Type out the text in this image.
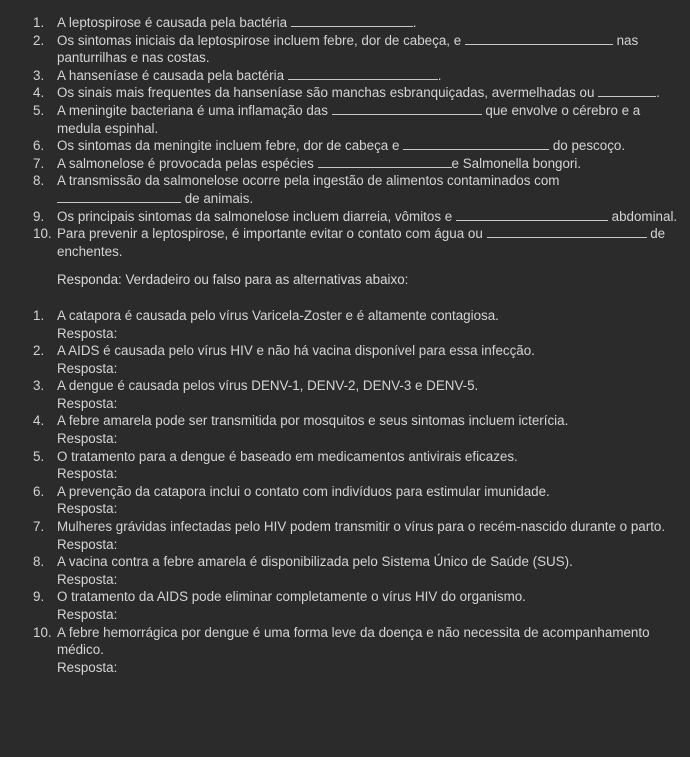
1. A leptospirose é causada pela bactéria	.
2. Os sintomas iniciais da leptospirose incluem febre, dor de cabeça, e	nas panturrilhas e nas costas.
3. A hanseníase é causada pela bactéria	.
4. Os sinais mais frequentes da hanseníase são manchas esbranquiçadas, avermelhadas ou	.
5. A meningite bacteriana é uma inflamação das	que envolve o cérebro e a medula espinhal.
6. Os sintomas da meningite incluem febre, dor de cabeça e	do pescoço.
7. A salmonelose é provocada pelas espécies	e Salmonella bongori.
8. A transmissão da salmonelose ocorre pela ingestão de alimentos contaminados com  de animais.
9. Os principais sintomas da salmonelose incluem diarreia, vômitos e	abdominal.
10. Para prevenir a leptospirose, é importante evitar o contato com água ou	de enchentes.
Responda: Verdadeiro ou falso para as alternativas abaixo:
1. A catapora é causada pelo vírus Varicela-Zoster e é altamente contagiosa.
Resposta:
2. A AIDS é causada pelo vírus HIV e não há vacina disponível para essa infecção.
Resposta:
3. A dengue é causada pelos vírus DENV-1, DENV-2, DENV-3 e DENV-5.
Resposta:
4. A febre amarela pode ser transmitida por mosquitos e seus sintomas incluem icterícia.
Resposta:
5. O tratamento para a dengue é baseado em medicamentos antivirais eficazes.
Resposta:
6. A prevenção da catapora inclui o contato com indivíduos para estimular imunidade.
Resposta:
7. Mulheres grávidas infectadas pelo HIV podem transmitir o vírus para o recém-nascido durante o parto.
Resposta:
8. A vacina contra a febre amarela é disponibilizada pelo Sistema Único de Saúde (SUS).
Resposta:
9. O tratamento da AIDS pode eliminar completamente o vírus HIV do organismo.
Resposta:
10. A febre hemorrágica por dengue é uma forma leve da doença e não necessita de acompanhamento médico.
Resposta:
